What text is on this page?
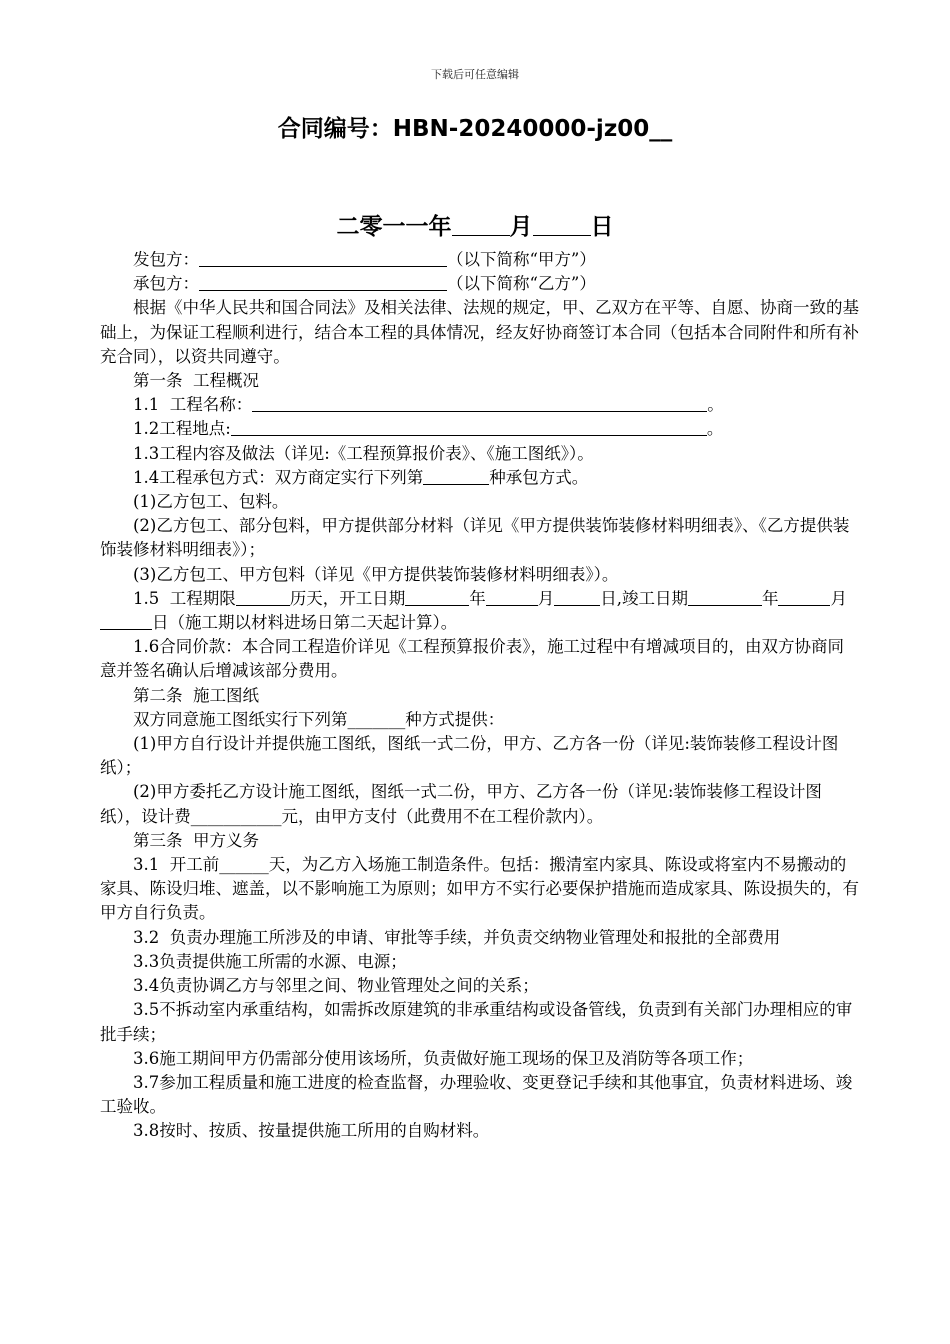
下载后可任意编辑
合同编号：HBN-20240000-jz00__
二零一一年	月	日

发包方：	（以下简称“甲方”）

承包方：	（以下简称“乙方”）

根据《中华人民共和国合同法》及相关法律、法规的规定，甲、乙双方在平等、自愿、协商一致的基础上，为保证工程顺利进行，结合本工程的具体情况，经友好协商签订本合同（包括本合同附件和所有补充合同），以资共同遵守。

第一条  工程概况

1.1  工程名称：	。

1.2工程地点:	。

1.3工程内容及做法（详见:《工程预算报价表》、《施工图纸》）。

1.4工程承包方式：双方商定实行下列第	种承包方式。

(1)乙方包工、包料。

(2)乙方包工、部分包料，甲方提供部分材料（详见《甲方提供装饰装修材料明细表》、《乙方提供装饰装修材料明细表》）；

(3)乙方包工、甲方包料（详见《甲方提供装饰装修材料明细表》）。

1.5  工程期限	历天，开工日期	年	月	日,竣工日期	年	月日（施工期以材料进场日第二天起计算）。

1.6合同价款：本合同工程造价详见《工程预算报价表》，施工过程中有增减项目的，由双方协商同意并签名确认后增减该部分费用。

第二条  施工图纸

双方同意施工图纸实行下列第_______种方式提供：

(1)甲方自行设计并提供施工图纸，图纸一式二份，甲方、乙方各一份（详见:装饰装修工程设计图纸）；

(2)甲方委托乙方设计施工图纸，图纸一式二份，甲方、乙方各一份（详见:装饰装修工程设计图纸），设计费___________元，由甲方支付（此费用不在工程价款内）。

第三条  甲方义务

3.1  开工前______天，为乙方入场施工制造条件。包括：搬清室内家具、陈设或将室内不易搬动的家具、陈设归堆、遮盖，以不影响施工为原则；如甲方不实行必要保护措施而造成家具、陈设损失的，有甲方自行负责。

3.2  负责办理施工所涉及的申请、审批等手续，并负责交纳物业管理处和报批的全部费用

3.3负责提供施工所需的水源、电源；

3.4负责协调乙方与邻里之间、物业管理处之间的关系；

3.5不拆动室内承重结构，如需拆改原建筑的非承重结构或设备管线，负责到有关部门办理相应的审批手续；

3.6施工期间甲方仍需部分使用该场所，负责做好施工现场的保卫及消防等各项工作；

3.7参加工程质量和施工进度的检查监督，办理验收、变更登记手续和其他事宜，负责材料进场、竣工验收。

3.8按时、按质、按量提供施工所用的自购材料。
